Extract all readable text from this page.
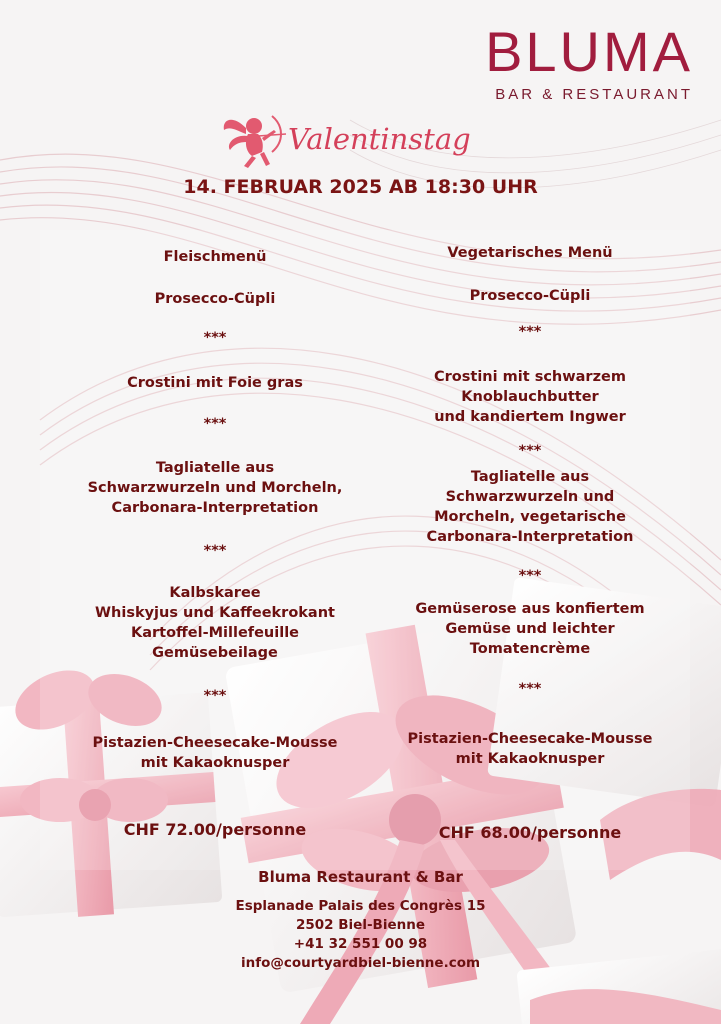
BLUMA
BAR & RESTAURANT
Valentinstag
14. FEBRUAR 2025 AB 18:30 UHR
Fleischmenü
Prosecco-Cüpli
***
Crostini mit Foie gras
***
Tagliatelle aus
Schwarzwurzeln und Morcheln,
Carbonara-Interpretation
***
Kalbskaree
Whiskyjus und Kaffeekrokant
Kartoffel-Millefeuille
Gemüsebeilage
***
Pistazien-Cheesecake-Mousse
mit Kakaoknusper
CHF 72.00/personne
Vegetarisches Menü
Prosecco-Cüpli
***
Crostini mit schwarzem
Knoblauchbutter
und kandiertem Ingwer
***
Tagliatelle aus
Schwarzwurzeln und
Morcheln, vegetarische
Carbonara-Interpretation
***
Gemüserose aus konfiertem
Gemüse und leichter
Tomatencrème
***
Pistazien-Cheesecake-Mousse
mit Kakaoknusper
CHF 68.00/personne
Bluma Restaurant & Bar
Esplanade Palais des Congrès 15
2502 Biel-Bienne
+41 32 551 00 98
info@courtyardbiel-bienne.com
